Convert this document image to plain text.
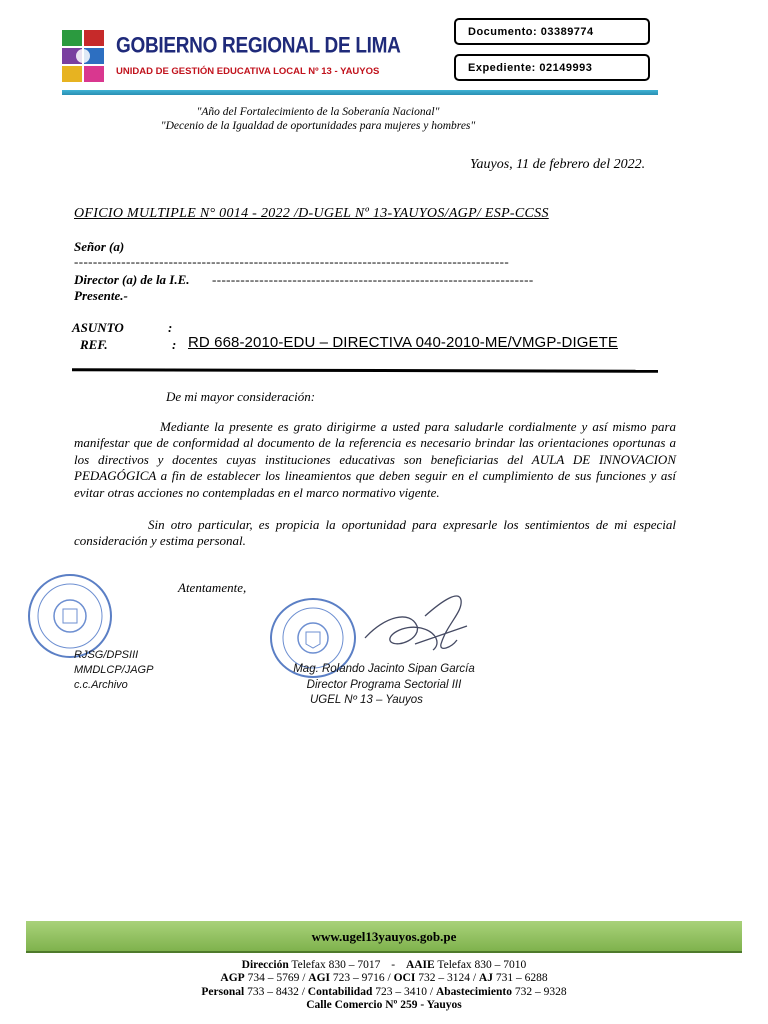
GOBIERNO REGIONAL DE LIMA
UNIDAD DE GESTIÓN EDUCATIVA LOCAL Nº 13 - YAUYOS
Documento: 03389774
Expediente: 02149993
"Año del Fortalecimiento de la Soberanía Nacional"
"Decenio de la Igualdad de oportunidades para mujeres y hombres"
Yauyos, 11 de febrero del 2022.
OFICIO MULTIPLE N° 0014 - 2022 /D-UGEL Nº 13-YAUYOS/AGP/ ESP-CCSS
Señor (a)
--------------------------------------------------------------------------------------------
Director (a) de la I.E. --------------------------------------------------------------------
Presente.-
ASUNTO	:
REF.	: RD 668-2010-EDU – DIRECTIVA 040-2010-ME/VMGP-DIGETE
De mi mayor consideración:
Mediante la presente es grato dirigirme a usted para saludarle cordialmente y así mismo para manifestar que de conformidad al documento de la referencia es necesario brindar las orientaciones oportunas a los directivos y docentes cuyas instituciones educativas son beneficiarias del AULA DE INNOVACION PEDAGÓGICA a fin de establecer los lineamientos que deben seguir en el cumplimiento de sus funciones y así evitar otras acciones no contempladas en el marco normativo vigente.
Sin otro particular, es propicia la oportunidad para expresarle los sentimientos de mi especial consideración y estima personal.
Atentamente,
RJSG/DPSIII
MMDLCP/JAGP
c.c.Archivo
Mag. Rolando Jacinto Sipan García
Director Programa Sectorial III
UGEL Nº 13 – Yauyos
www.ugel13yauyos.gob.pe
Dirección Telefax 830 – 7017 - AAIE Telefax 830 – 7010
AGP 734 – 5769 / AGI 723 – 9716 / OCI 732 – 3124 / AJ 731 – 6288
Personal 733 – 8432 / Contabilidad 723 – 3410 / Abastecimiento 732 – 9328
Calle Comercio Nº 259 - Yauyos
